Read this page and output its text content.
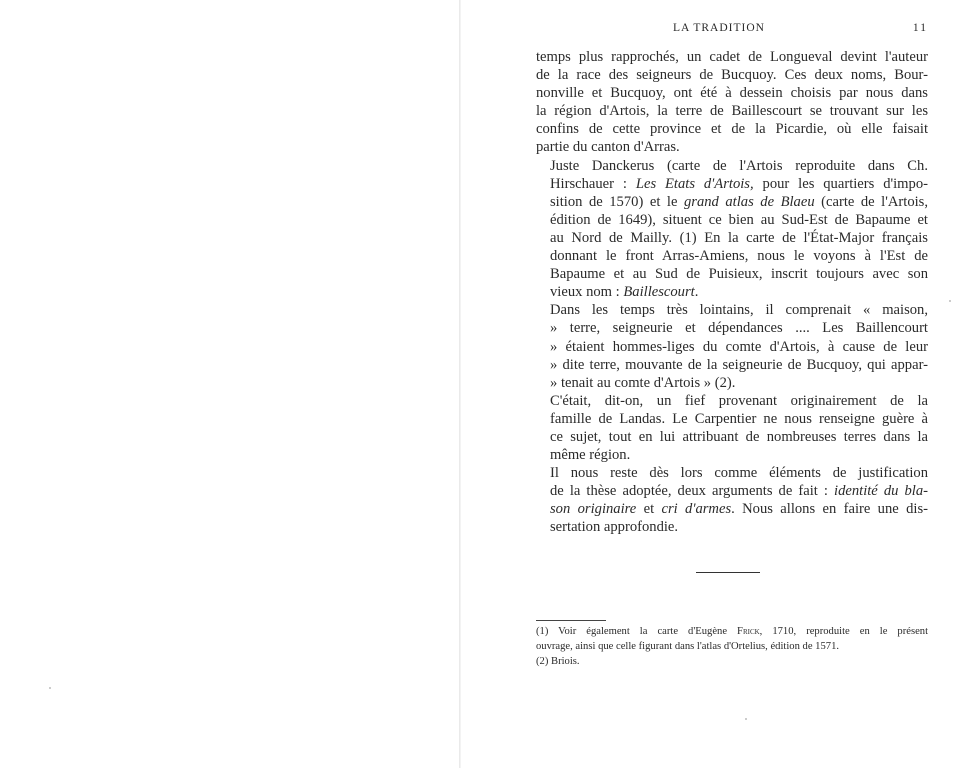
LA TRADITION	11
temps plus rapprochés, un cadet de Longueval devint l'auteur
de la race des seigneurs de Bucquoy. Ces deux noms, Bour-
nonville et Bucquoy, ont été à dessein choisis par nous dans
la région d'Artois, la terre de Baillescourt se trouvant sur les
confins de cette province et de la Picardie, où elle faisait
partie du canton d'Arras.
Juste Danckerus (carte de l'Artois reproduite dans Ch.
Hirschauer : Les Etats d'Artois, pour les quartiers d'impo-
sition de 1570) et le grand atlas de Blaeu (carte de l'Artois,
édition de 1649), situent ce bien au Sud-Est de Bapaume et
au Nord de Mailly. (1) En la carte de l'État-Major français
donnant le front Arras-Amiens, nous le voyons à l'Est de
Bapaume et au Sud de Puisieux, inscrit toujours avec son
vieux nom : Baillescourt.
Dans les temps très lointains, il comprenait « maison,
» terre, seigneurie et dépendances .... Les Baillencourt
» étaient hommes-liges du comte d'Artois, à cause de leur
» dite terre, mouvante de la seigneurie de Bucquoy, qui appar-
» tenait au comte d'Artois » (2).
C'était, dit-on, un fief provenant originairement de la
famille de Landas. Le Carpentier ne nous renseigne guère à
ce sujet, tout en lui attribuant de nombreuses terres dans la
même région.
Il nous reste dès lors comme éléments de justification
de la thèse adoptée, deux arguments de fait : identité du bla-
son originaire et cri d'armes. Nous allons en faire une dis-
sertation approfondie.
(1) Voir également la carte d'Eugène Frick, 1710, reproduite en le présent
ouvrage, ainsi que celle figurant dans l'atlas d'Ortelius, édition de 1571.
(2) Briois.
